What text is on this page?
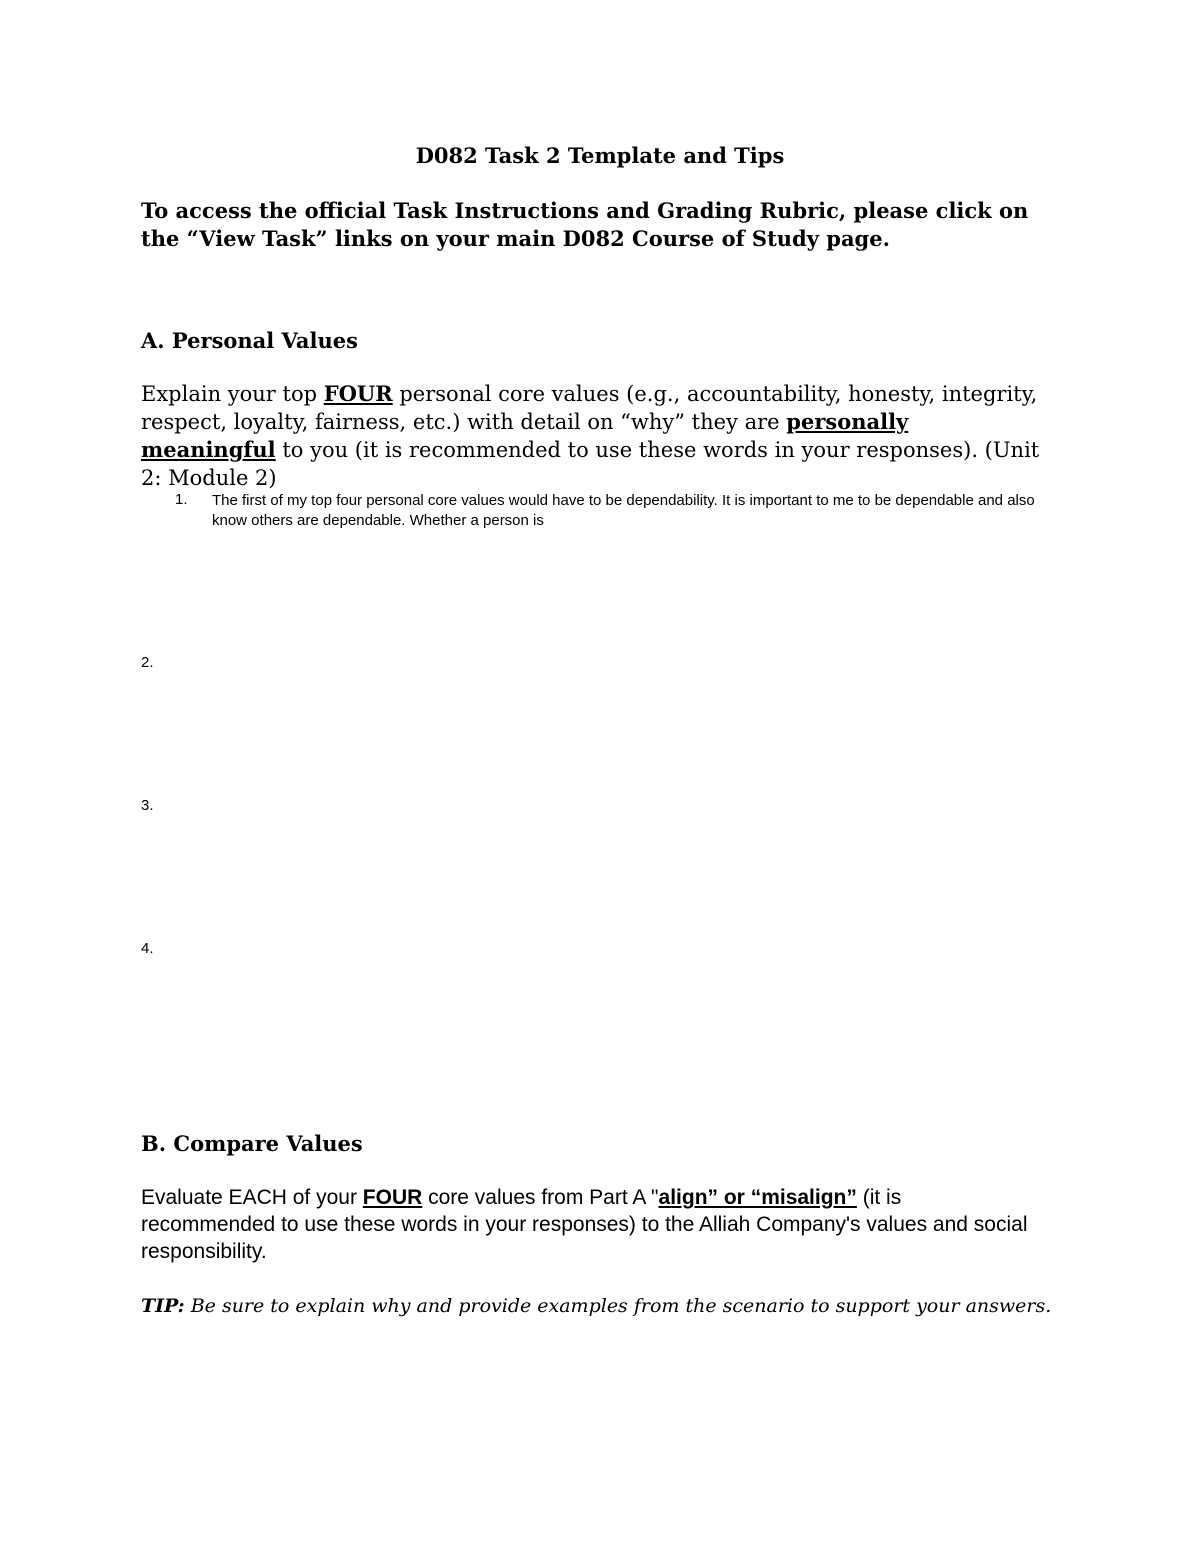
D082 Task 2 Template and Tips

To access the official Task Instructions and Grading Rubric, please click on the “View Task” links on your main D082 Course of Study page.

A. Personal Values

Explain your top FOUR personal core values (e.g., accountability, honesty, integrity, respect, loyalty, fairness, etc.) with detail on “why” they are personally meaningful to you (it is recommended to use these words in your responses). (Unit 2: Module 2)

1. The first of my top four personal core values would have to be dependability. It is important to me to be dependable and also know others are dependable. Whether a person is

2.
3.
4.

B. Compare Values

Evaluate EACH of your FOUR core values from Part A "align” or “misalign” (it is recommended to use these words in your responses) to the Alliah Company's values and social responsibility.

TIP: Be sure to explain why and provide examples from the scenario to support your answers.
